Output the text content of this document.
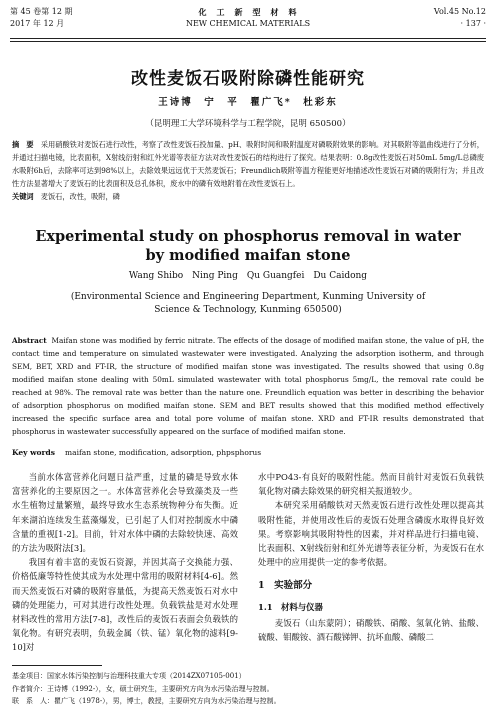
第 45 卷第 12 期
2017 年 12 月
化　工　新　型　材　料
NEW CHEMICAL MATERIALS
Vol.45 No.12
· 137 ·
改性麦饭石吸附除磷性能研究
王诗博　宁　平　瞿广飞*　杜彩东
（昆明理工大学环境科学与工程学院，昆明 650500）
摘　要　 采用硝酸铁对麦饭石进行改性，考察了改性麦饭石投加量、pH、吸附时间和吸附温度对磷吸附效果的影响。对其吸附等温曲线进行了分析，并通过扫描电镜，比表面积，X射线衍射和红外光谱等表征方法对改性麦饭石的结构进行了探究。结果表明：0.8g改性麦饭石对50mL 5mg/L总磷废水吸附6h后，去除率可达到98%以上，去除效果远远优于天然麦饭石；Freundlich吸附等温方程能更好地描述改性麦饭石对磷的吸附行为；并且改性方法显著增大了麦饭石的比表面积及总孔体积，废水中的磷有效地附着在改性麦饭石上。
关键词　 麦饭石，改性，吸附，磷
Experimental study on phosphorus removal in water
by modified maifan stone
Wang Shibo　Ning Ping　Qu Guangfei　Du Caidong
(Environmental Science and Engineering Department, Kunming University of Science & Technology, Kunming 650500)
Abstract Maifan stone was modified by ferric nitrate. The effects of the dosage of modified maifan stone, the value of pH, the contact time and temperature on simulated wastewater were investigated. Analyzing the adsorption isotherm, and through SEM, BET, XRD and FT-IR, the structure of modified maifan stone was investigated. The results showed that using 0.8g modified maifan stone dealing with 50mL simulated wastewater with total phosphorus 5mg/L, the removal rate could be reached at 98%. The removal rate was better than the nature one. Freundlich equation was better in describing the behavior of adsorption phosphorus on modified maifan stone. SEM and BET results showed that this modified method effectively increased the specific surface area and total pore volume of maifan stone. XRD and FT-IR results demonstrated that phosphorus in wastewater successfully appeared on the surface of modified maifan stone.
Key words maifan stone, modification, adsorption, phpsphorus

当前水体富营养化问题日益严重，过量的磷是导致水体富营养化的主要原因之一。水体富营养化会导致藻类及一些水生植物过量繁殖，最终导致水生态系统物种分布失衡。近年来湖泊连续发生蓝藻爆发，已引起了人们对控制废水中磷含量的重视[1-2]。目前，针对水体中磷的去除较快速、高效的方法为吸附法[3]。

我国有着丰富的麦饭石资源，并因其高子交换能力强、价格低廉等特性使其成为水处理中常用的吸附材料[4-6]。然而天然麦饭石对磷的吸附容量低，为提高天然麦饭石对水中磷的处理能力，可对其进行改性处理。负载铁盐是对水处理材料改性的常用方法[7-8]，改性后的麦饭石表面会负载铁的氧化物。有研究表明，负载金属（铁、锰）氧化物的滤料[9-10]对

水中PO43-有良好的吸附性能。然而目前针对麦饭石负载铁氧化物对磷去除效果的研究相关报道较少。

本研究采用硝酸铁对天然麦饭石进行改性处理以提高其吸附性能，并使用改性后的麦饭石处理含磷废水取得良好效果。考察影响其吸附特性的因素，并对样品进行扫描电镜、比表面积、X射线衍射和红外光谱等表征分析，为麦饭石在水处理中的应用提供一定的参考依据。

1　实验部分
1.1　材料与仪器

麦饭石（山东蒙阴）；硝酸铁、硝酸、氢氧化钠、盐酸、硫酸、钼酸铵、酒石酸锑钾、抗坏血酸、磷酸二

基金项目：国家水体污染控制与治理科技重大专项（2014ZX07105-001）
作者简介：王诗博（1992-），女，硕士研究生，主要研究方向为水污染治理与控制。
联　系　人：瞿广飞（1978-），男，博士，教授，主要研究方向为水污染治理与控制。
